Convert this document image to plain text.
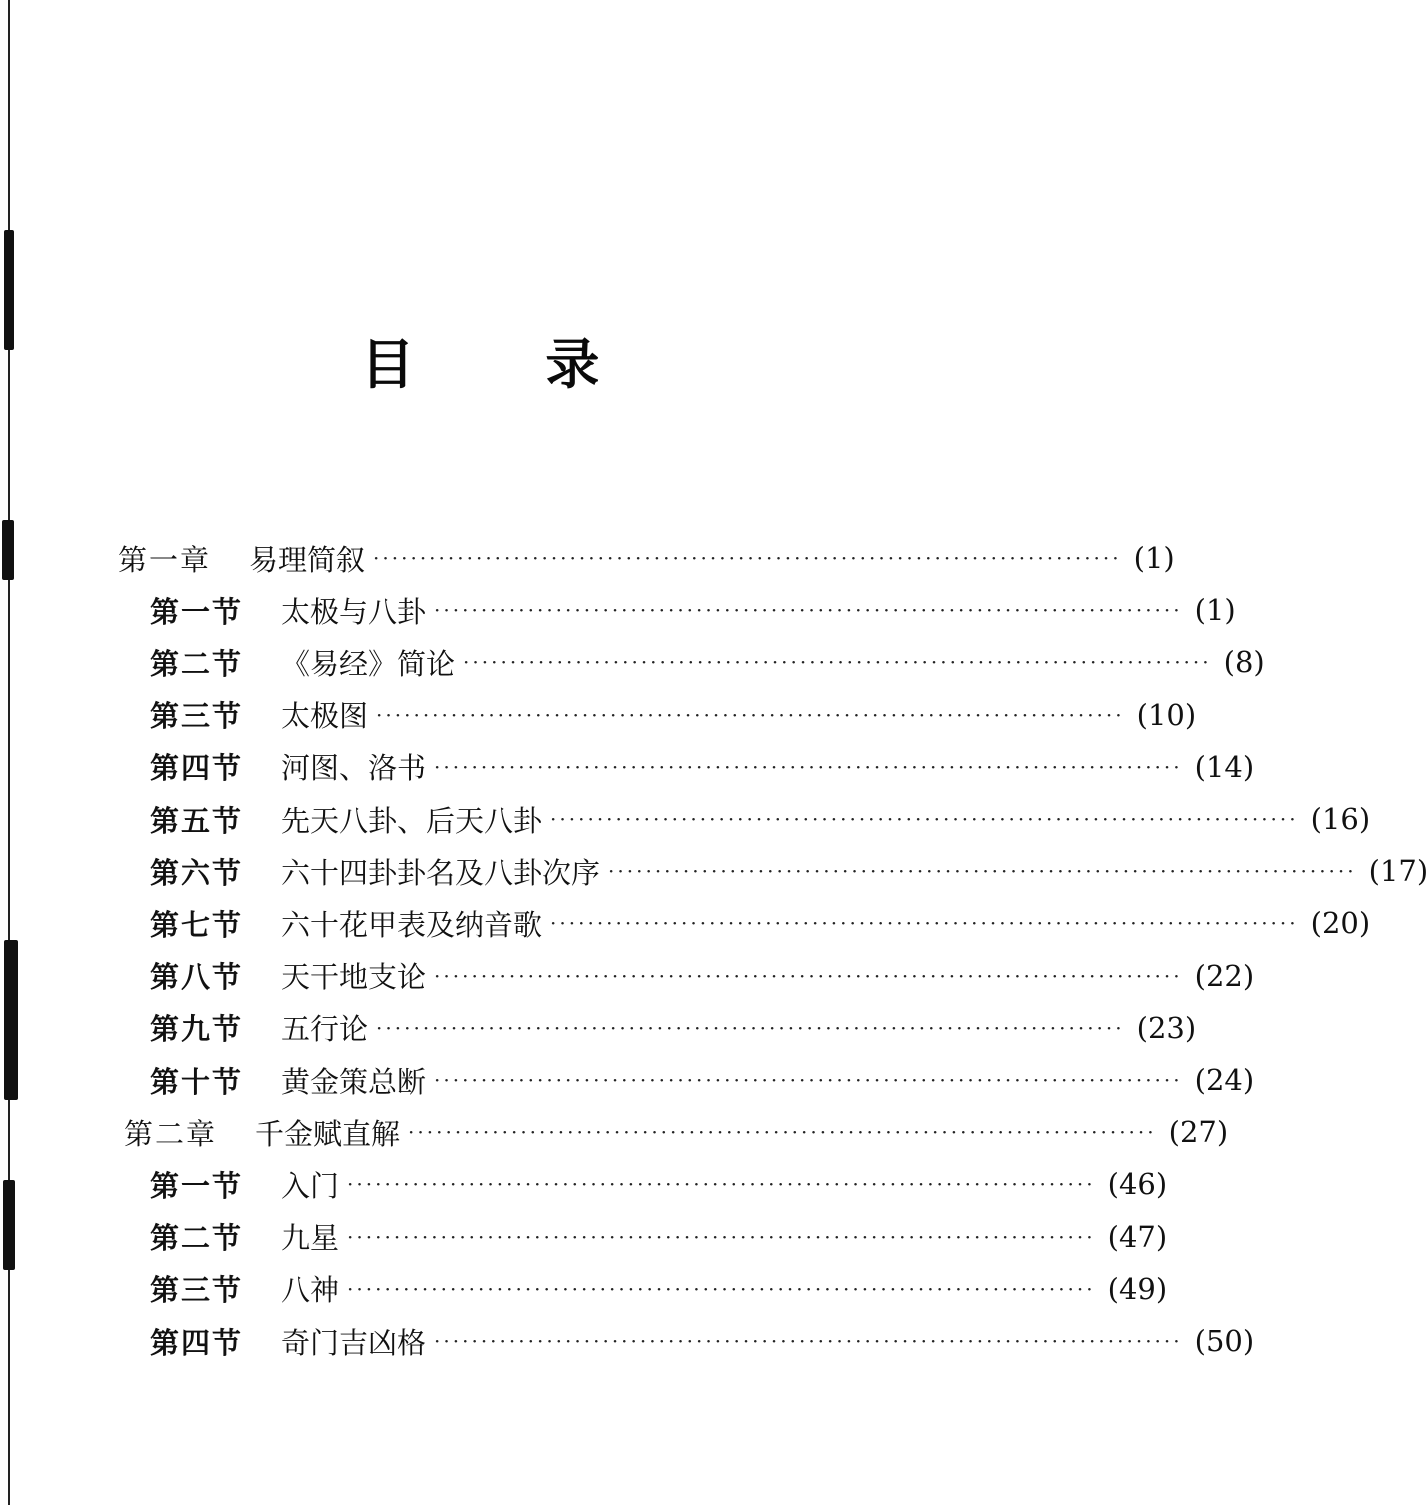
目 录
第一章 易理简叙 ················································································ (1)
第一节 太极与八卦 ················································································ (1)
第二节 《易经》简论 ················································································ (8)
第三节 太极图 ················································································ (10)
第四节 河图、洛书 ················································································ (14)
第五节 先天八卦、后天八卦 ················································································ (16)
第六节 六十四卦卦名及八卦次序 ················································································ (17)
第七节 六十花甲表及纳音歌 ················································································ (20)
第八节 天干地支论 ················································································ (22)
第九节 五行论 ················································································ (23)
第十节 黄金策总断 ················································································ (24)
第二章 千金赋直解 ················································································ (27)
第一节 入门 ················································································ (46)
第二节 九星 ················································································ (47)
第三节 八神 ················································································ (49)
第四节 奇门吉凶格 ················································································ (50)
